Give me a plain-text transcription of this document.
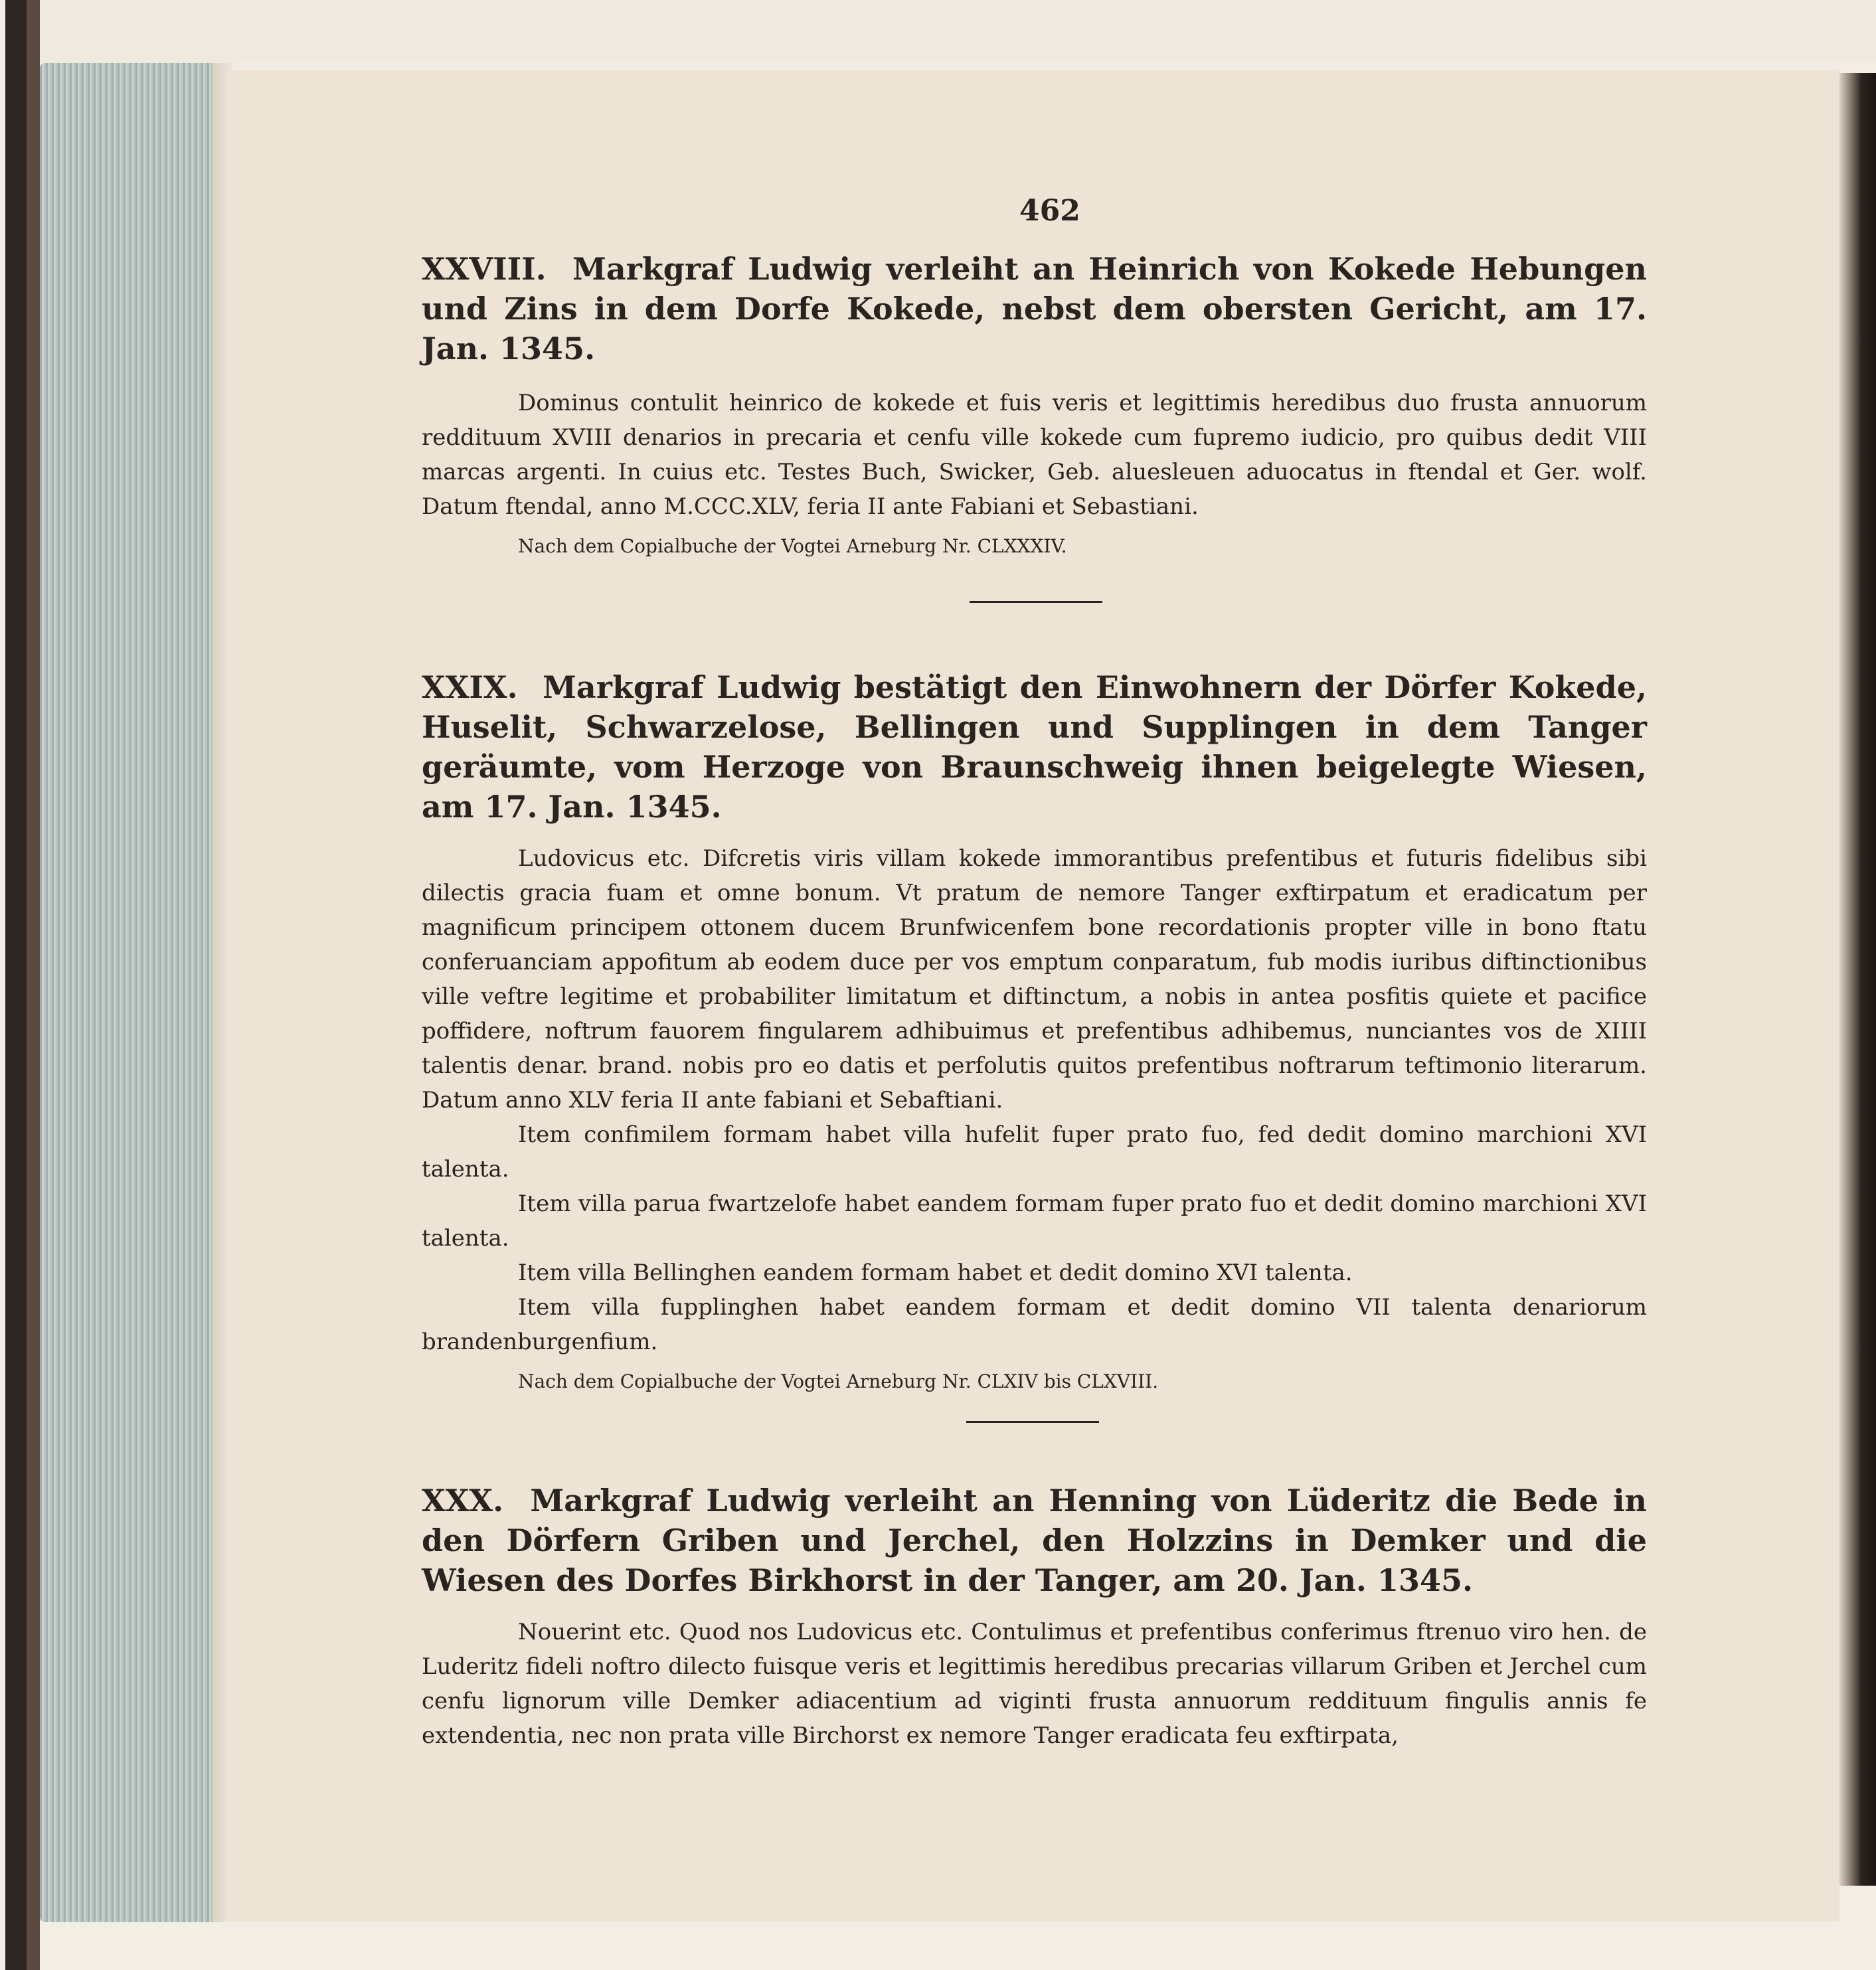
462

XXVIII. Markgraf Ludwig verleiht an Heinrich von Kokede Hebungen und Zins in dem Dorfe Kokede, nebst dem obersten Gericht, am 17. Jan. 1345.

Dominus contulit heinrico de kokede et fuis veris et legittimis heredibus duo frusta annuorum reddituum XVIII denarios in precaria et cenfu ville kokede cum fupremo iudicio, pro quibus dedit VIII marcas argenti. In cuius etc. Testes Buch, Swicker, Geb. aluesleuen aduocatus in ftendal et Ger. wolf. Datum ftendal, anno M.CCC.XLV, feria II ante Fabiani et Sebastiani.

Nach dem Copialbuche der Vogtei Arneburg Nr. CLXXXIV.

XXIX. Markgraf Ludwig bestätigt den Einwohnern der Dörfer Kokede, Huselit, Schwarzelose, Bellingen und Supplingen in dem Tanger geräumte, vom Herzoge von Braunschweig ihnen beigelegte Wiesen, am 17. Jan. 1345.

Ludovicus etc. Difcretis viris villam kokede immorantibus prefentibus et futuris fidelibus sibi dilectis gracia fuam et omne bonum. Vt pratum de nemore Tanger exftirpatum et eradicatum per magnificum principem ottonem ducem Brunfwicenfem bone recordationis propter ville in bono ftatu conferuanciam appofitum ab eodem duce per vos emptum conparatum, fub modis iuribus diftinctionibus ville veftre legitime et probabiliter limitatum et diftinctum, a nobis in antea posfitis quiete et pacifice poffidere, noftrum fauorem fingularem adhibuimus et prefentibus adhibemus, nunciantes vos de XIIII talentis denar. brand. nobis pro eo datis et perfolutis quitos prefentibus noftrarum teftimonio literarum. Datum anno XLV feria II ante fabiani et Sebaftiani.

Item confimilem formam habet villa hufelit fuper prato fuo, fed dedit domino marchioni XVI talenta.

Item villa parua fwartzelofe habet eandem formam fuper prato fuo et dedit domino marchioni XVI talenta.

Item villa Bellinghen eandem formam habet et dedit domino XVI talenta.

Item villa fupplinghen habet eandem formam et dedit domino VII talenta denariorum brandenburgenfium.

Nach dem Copialbuche der Vogtei Arneburg Nr. CLXIV bis CLXVIII.

XXX. Markgraf Ludwig verleiht an Henning von Lüderitz die Bede in den Dörfern Griben und Jerchel, den Holzzins in Demker und die Wiesen des Dorfes Birkhorst in der Tanger, am 20. Jan. 1345.

Nouerint etc. Quod nos Ludovicus etc. Contulimus et prefentibus conferimus ftrenuo viro hen. de Luderitz fideli noftro dilecto fuisque veris et legittimis heredibus precarias villarum Griben et Jerchel cum cenfu lignorum ville Demker adiacentium ad viginti frusta annuorum reddituum fingulis annis fe extendentia, nec non prata ville Birchorst ex nemore Tanger eradicata feu exftirpata,
